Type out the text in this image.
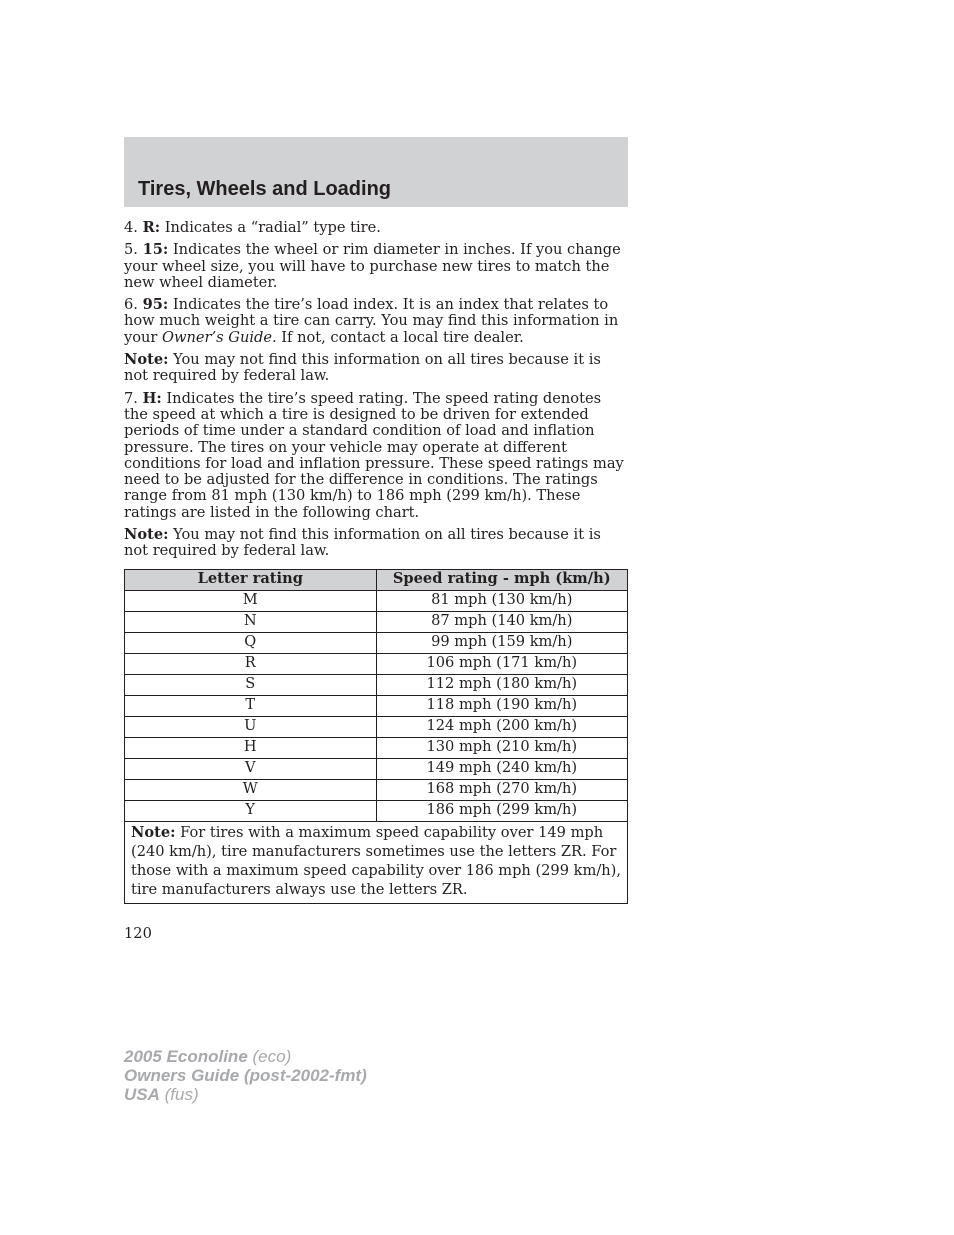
Tires, Wheels and Loading

4. R: Indicates a “radial” type tire.

5. 15: Indicates the wheel or rim diameter in inches. If you change your wheel size, you will have to purchase new tires to match the new wheel diameter.

6. 95: Indicates the tire’s load index. It is an index that relates to how much weight a tire can carry. You may find this information in your Owner’s Guide. If not, contact a local tire dealer.

Note: You may not find this information on all tires because it is not required by federal law.

7. H: Indicates the tire’s speed rating. The speed rating denotes the speed at which a tire is designed to be driven for extended periods of time under a standard condition of load and inflation pressure. The tires on your vehicle may operate at different conditions for load and inflation pressure. These speed ratings may need to be adjusted for the difference in conditions. The ratings range from 81 mph (130 km/h) to 186 mph (299 km/h). These ratings are listed in the following chart.

Note: You may not find this information on all tires because it is not required by federal law.

Letter rating	Speed rating - mph (km/h)
M	81 mph (130 km/h)
N	87 mph (140 km/h)
Q	99 mph (159 km/h)
R	106 mph (171 km/h)
S	112 mph (180 km/h)
T	118 mph (190 km/h)
U	124 mph (200 km/h)
H	130 mph (210 km/h)
V	149 mph (240 km/h)
W	168 mph (270 km/h)
Y	186 mph (299 km/h)
Note: For tires with a maximum speed capability over 149 mph (240 km/h), tire manufacturers sometimes use the letters ZR. For those with a maximum speed capability over 186 mph (299 km/h), tire manufacturers always use the letters ZR.	
120
2005 Econoline (eco)
Owners Guide (post-2002-fmt)
USA (fus)
